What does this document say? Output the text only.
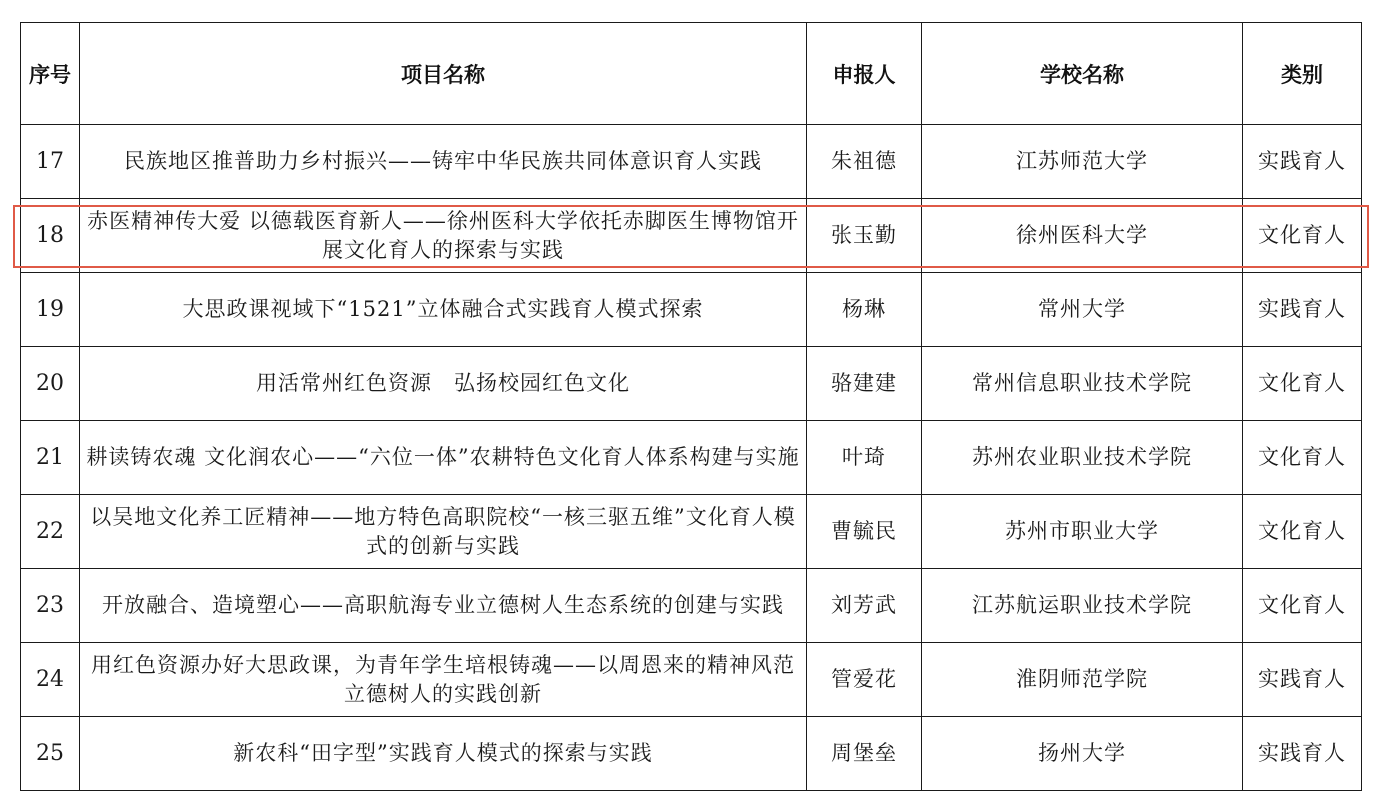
序号	项目名称	申报人	学校名称	类别
17	民族地区推普助力乡村振兴——铸牢中华民族共同体意识育人实践	朱祖德	江苏师范大学	实践育人
18	赤医精神传大爱 以德载医育新人——徐州医科大学依托赤脚医生博物馆开展文化育人的探索与实践	张玉勤	徐州医科大学	文化育人
19	大思政课视域下“1521”立体融合式实践育人模式探索	杨琳	常州大学	实践育人
20	用活常州红色资源　弘扬校园红色文化	骆建建	常州信息职业技术学院	文化育人
21	耕读铸农魂 文化润农心——“六位一体”农耕特色文化育人体系构建与实施	叶琦	苏州农业职业技术学院	文化育人
22	以吴地文化养工匠精神——地方特色高职院校“一核三驱五维”文化育人模式的创新与实践	曹毓民	苏州市职业大学	文化育人
23	开放融合、造境塑心——高职航海专业立德树人生态系统的创建与实践	刘芳武	江苏航运职业技术学院	文化育人
24	用红色资源办好大思政课，为青年学生培根铸魂——以周恩来的精神风范立德树人的实践创新	管爱花	淮阴师范学院	实践育人
25	新农科“田字型”实践育人模式的探索与实践	周堡垒	扬州大学	实践育人
